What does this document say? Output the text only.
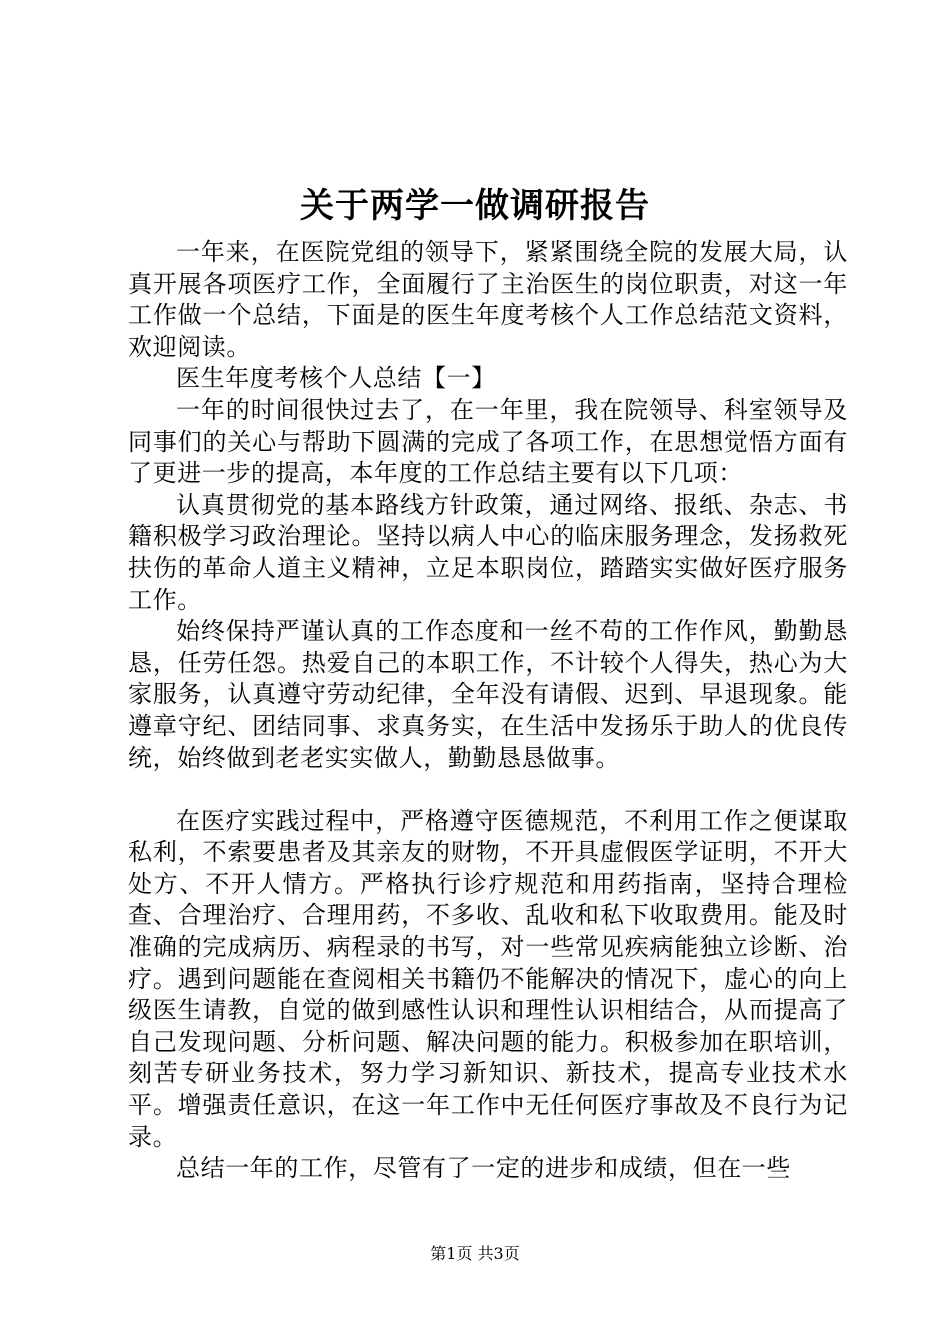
关于两学一做调研报告

一年来，在医院党组的领导下，紧紧围绕全院的发展大局，认真开展各项医疗工作，全面履行了主治医生的岗位职责，对这一年工作做一个总结，下面是的医生年度考核个人工作总结范文资料，欢迎阅读。

医生年度考核个人总结【一】

一年的时间很快过去了，在一年里，我在院领导、科室领导及同事们的关心与帮助下圆满的完成了各项工作，在思想觉悟方面有了更进一步的提高，本年度的工作总结主要有以下几项：

认真贯彻党的基本路线方针政策，通过网络、报纸、杂志、书籍积极学习政治理论。坚持以病人中心的临床服务理念，发扬救死扶伤的革命人道主义精神，立足本职岗位，踏踏实实做好医疗服务工作。

始终保持严谨认真的工作态度和一丝不苟的工作作风，勤勤恳恳，任劳任怨。热爱自己的本职工作，不计较个人得失，热心为大家服务，认真遵守劳动纪律，全年没有请假、迟到、早退现象。能遵章守纪、团结同事、求真务实，在生活中发扬乐于助人的优良传统，始终做到老老实实做人，勤勤恳恳做事。

在医疗实践过程中，严格遵守医德规范，不利用工作之便谋取私利，不索要患者及其亲友的财物，不开具虚假医学证明，不开大处方、不开人情方。严格执行诊疗规范和用药指南，坚持合理检查、合理治疗、合理用药，不多收、乱收和私下收取费用。能及时准确的完成病历、病程录的书写，对一些常见疾病能独立诊断、治疗。遇到问题能在查阅相关书籍仍不能解决的情况下，虚心的向上级医生请教，自觉的做到感性认识和理性认识相结合，从而提高了自己发现问题、分析问题、解决问题的能力。积极参加在职培训，刻苦专研业务技术，努力学习新知识、新技术，提高专业技术水平。增强责任意识，在这一年工作中无任何医疗事故及不良行为记录。

总结一年的工作，尽管有了一定的进步和成绩，但在一些

第1页 共3页
